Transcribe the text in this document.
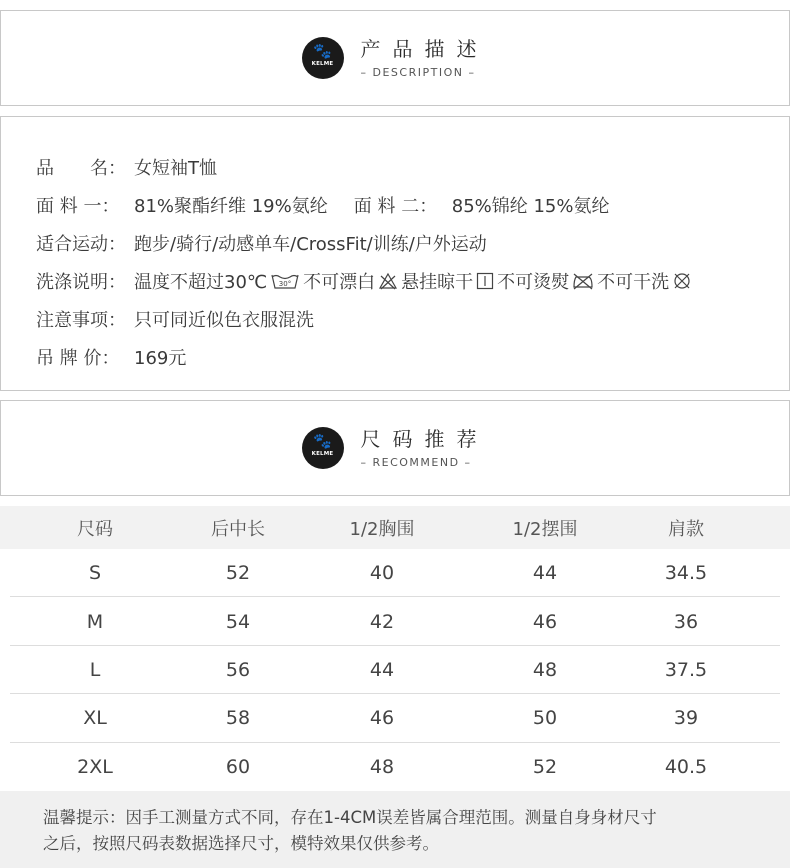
🐾
KELME
产品描述
– DESCRIPTION –
品　　名： 女短袖T恤
面 料 一： 81%聚酯纤维 19%氨纶 面 料 二： 85%锦纶 15%氨纶
适合运动： 跑步/骑行/动感单车/CrossFit/训练/户外运动
洗涤说明： 温度不超过30℃ 30° 不可漂白 悬挂晾干 不可烫熨 不可干洗
注意事项： 只可同近似色衣服混洗
吊 牌 价： 169元
🐾
KELME
尺码推荐
– RECOMMEND –
尺码	后中长	1/2胸围	1/2摆围	肩款
S	52	40	44	34.5
M	54	42	46	36
L	56	44	48	37.5
XL	58	46	50	39
2XL	60	48	52	40.5

温馨提示：因手工测量方式不同，存在1-4CM误差皆属合理范围。测量自身身材尺寸

之后，按照尺码表数据选择尺寸，模特效果仅供参考。
